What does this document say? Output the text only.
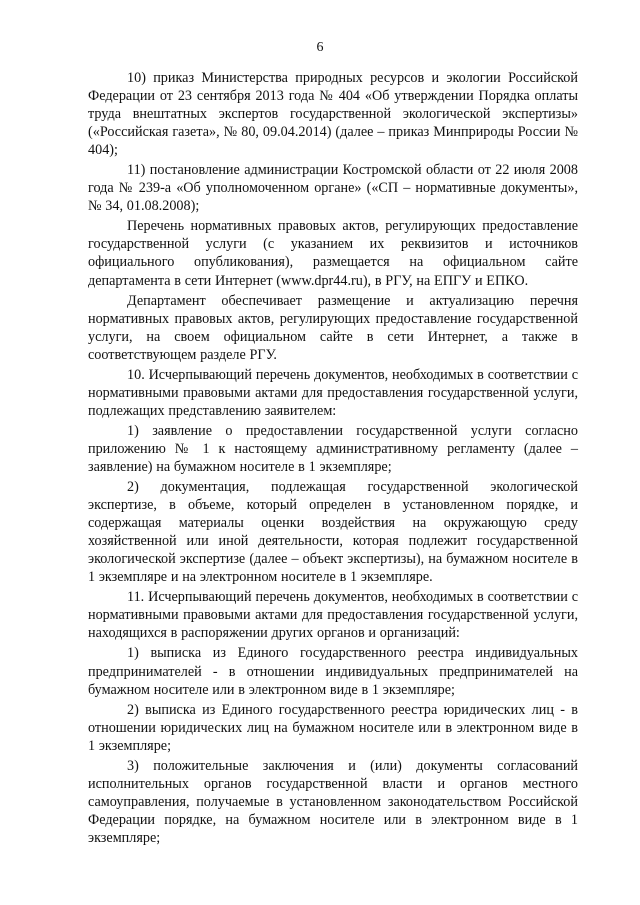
6

10) приказ Министерства природных ресурсов и экологии Российской Федерации от 23 сентября 2013 года № 404 «Об утверждении Порядка оплаты труда внештатных экспертов государственной экологической экспертизы» («Российская газета», № 80, 09.04.2014) (далее – приказ Минприроды России № 404);

11) постановление администрации Костромской области от 22 июля 2008 года № 239-а «Об уполномоченном органе» («СП – нормативные документы», № 34, 01.08.2008);

Перечень нормативных правовых актов, регулирующих предоставление государственной услуги (с указанием их реквизитов и источников официального опубликования), размещается на официальном сайте департамента в сети Интернет (www.dpr44.ru), в РГУ, на ЕПГУ и ЕПКО.

Департамент обеспечивает размещение и актуализацию перечня нормативных правовых актов, регулирующих предоставление государственной услуги, на своем официальном сайте в сети Интернет, а также в соответствующем разделе РГУ.

10. Исчерпывающий перечень документов, необходимых в соответствии с нормативными правовыми актами для предоставления государственной услуги, подлежащих представлению заявителем:

1) заявление о предоставлении государственной услуги согласно приложению № 1 к настоящему административному регламенту (далее – заявление) на бумажном носителе в 1 экземпляре;

2) документация, подлежащая государственной экологической экспертизе, в объеме, который определен в установленном порядке, и содержащая материалы оценки воздействия на окружающую среду хозяйственной или иной деятельности, которая подлежит государственной экологической экспертизе (далее – объект экспертизы), на бумажном носителе в 1 экземпляре и на электронном носителе в 1 экземпляре.

11. Исчерпывающий перечень документов, необходимых в соответствии с нормативными правовыми актами для предоставления государственной услуги, находящихся в распоряжении других органов и организаций:

1) выписка из Единого государственного реестра индивидуальных предпринимателей - в отношении индивидуальных предпринимателей на бумажном носителе или в электронном виде в 1 экземпляре;

2) выписка из Единого государственного реестра юридических лиц - в отношении юридических лиц на бумажном носителе или в электронном виде в 1 экземпляре;

3) положительные заключения и (или) документы согласований исполнительных органов государственной власти и органов местного самоуправления, получаемые в установленном законодательством Российской Федерации порядке, на бумажном носителе или в электронном виде в 1 экземпляре;
